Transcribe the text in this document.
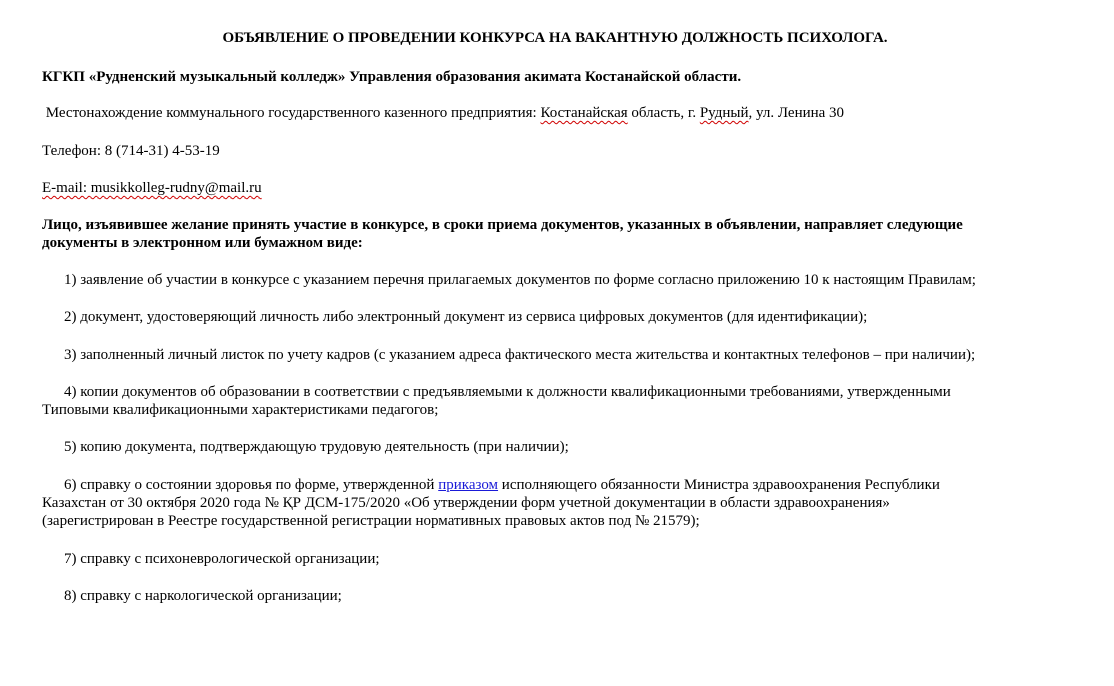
ОБЪЯВЛЕНИЕ О ПРОВЕДЕНИИ КОНКУРСА НА ВАКАНТНУЮ ДОЛЖНОСТЬ ПСИХОЛОГА.
КГКП «Рудненский музыкальный колледж» Управления образования акимата Костанайской области.
Местонахождение коммунального государственного казенного предприятия: Костанайская область, г. Рудный, ул. Ленина 30
Телефон: 8 (714-31) 4-53-19
E-mail: musikkolleg-rudny@mail.ru
Лицо, изъявившее желание принять участие в конкурсе, в сроки приема документов, указанных в объявлении, направляет следующие
документы в электронном или бумажном виде:
1) заявление об участии в конкурсе с указанием перечня прилагаемых документов по форме согласно приложению 10 к настоящим Правилам;
2) документ, удостоверяющий личность либо электронный документ из сервиса цифровых документов (для идентификации);
3) заполненный личный листок по учету кадров (с указанием адреса фактического места жительства и контактных телефонов – при наличии);
4) копии документов об образовании в соответствии с предъявляемыми к должности квалификационными требованиями, утвержденными
Типовыми квалификационными характеристиками педагогов;
5) копию документа, подтверждающую трудовую деятельность (при наличии);
6) справку о состоянии здоровья по форме, утвержденной приказом исполняющего обязанности Министра здравоохранения Республики
Казахстан от 30 октября 2020 года № ҚР ДСМ-175/2020 «Об утверждении форм учетной документации в области здравоохранения»
(зарегистрирован в Реестре государственной регистрации нормативных правовых актов под № 21579);
7) справку с психоневрологической организации;
8) справку с наркологической организации;
